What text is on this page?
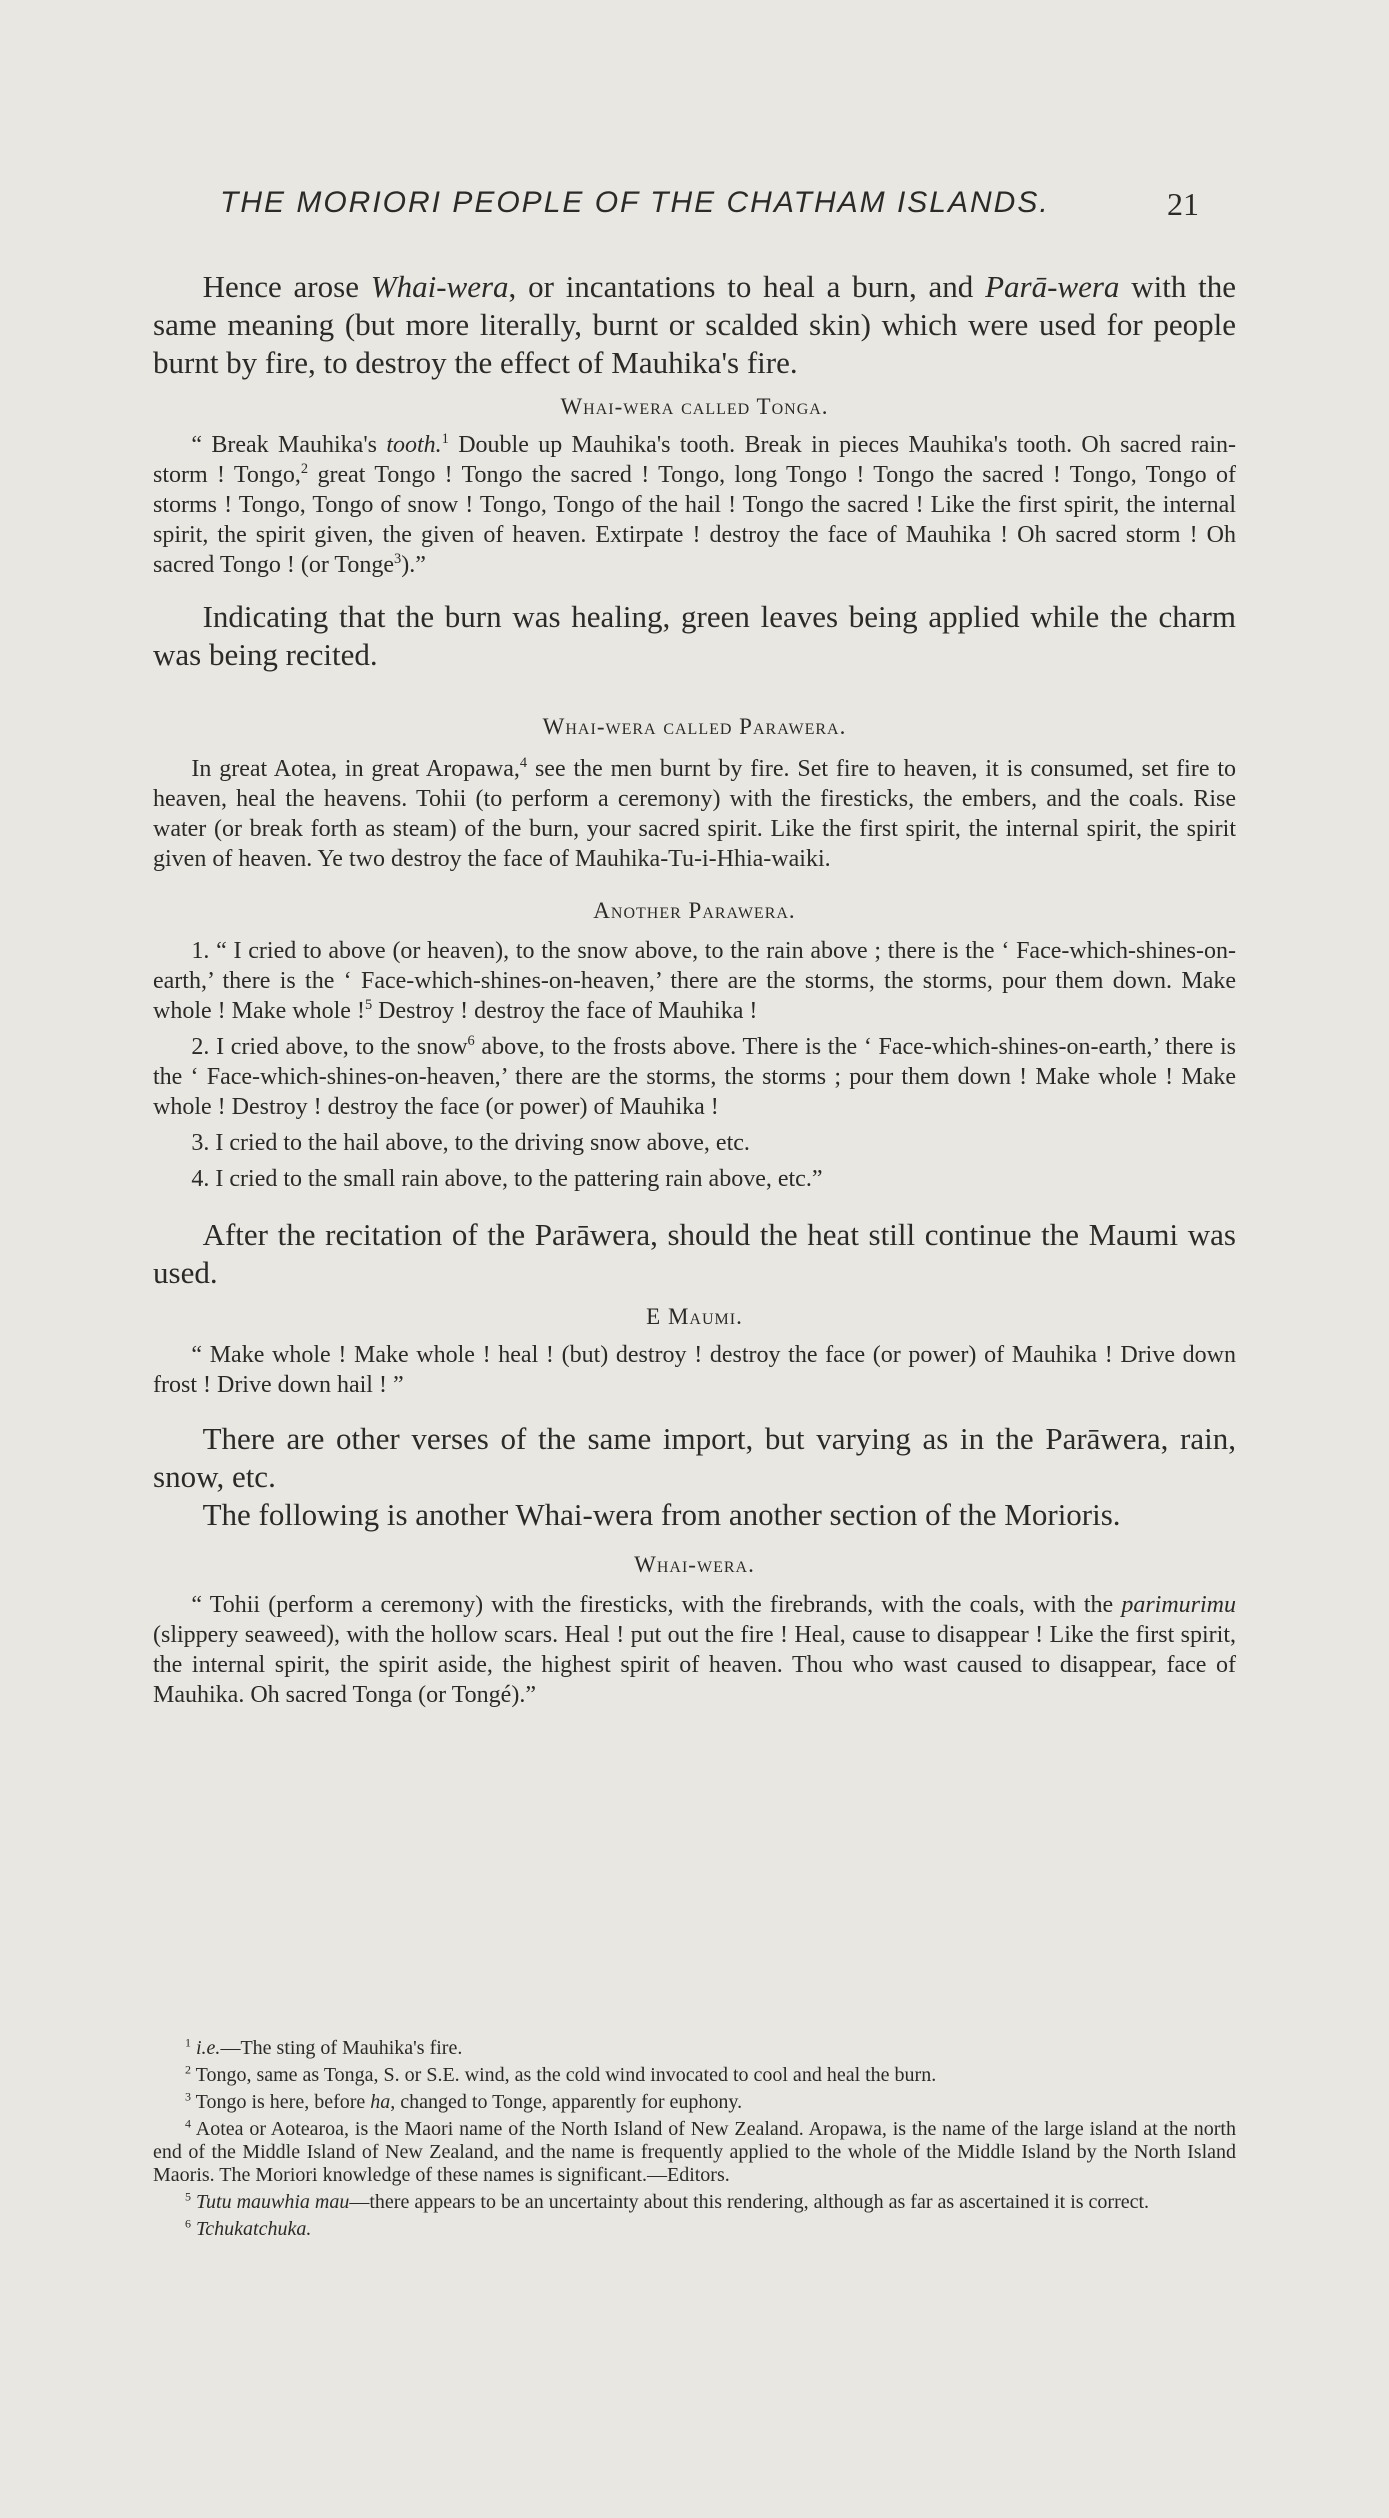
THE MORIORI PEOPLE OF THE CHATHAM ISLANDS.	21

Hence arose Whai-wera, or incantations to heal a burn, and Parā-wera with the same meaning (but more literally, burnt or scalded skin) which were used for people burnt by fire, to destroy the effect of Mauhika's fire.

Whai-wera called Tonga.

“ Break Mauhika's tooth.$^1$ Double up Mauhika's tooth. Break in pieces Mauhika's tooth. Oh sacred rain-storm ! Tongo,$^2$ great Tongo ! Tongo the sacred ! Tongo, long Tongo ! Tongo the sacred ! Tongo, Tongo of storms ! Tongo, Tongo of snow ! Tongo, Tongo of the hail ! Tongo the sacred ! Like the first spirit, the internal spirit, the spirit given, the given of heaven. Extirpate ! destroy the face of Mauhika ! Oh sacred storm ! Oh sacred Tongo ! (or Tonge$^3$).”

Indicating that the burn was healing, green leaves being applied while the charm was being recited.

Whai-wera called Parawera.

In great Aotea, in great Aropawa,$^4$ see the men burnt by fire. Set fire to heaven, it is consumed, set fire to heaven, heal the heavens. Tohii (to perform a ceremony) with the firesticks, the embers, and the coals. Rise water (or break forth as steam) of the burn, your sacred spirit. Like the first spirit, the internal spirit, the spirit given of heaven. Ye two destroy the face of Mauhika-Tu-i-Hhia-waiki.

Another Parawera.

1. “ I cried to above (or heaven), to the snow above, to the rain above ; there is the ‘ Face-which-shines-on-earth,’ there is the ‘ Face-which-shines-on-heaven,’ there are the storms, the storms, pour them down. Make whole ! Make whole !$^5$ Destroy ! destroy the face of Mauhika !

2. I cried above, to the snow$^6$ above, to the frosts above. There is the ‘ Face-which-shines-on-earth,’ there is the ‘ Face-which-shines-on-heaven,’ there are the storms, the storms ; pour them down ! Make whole ! Make whole ! Destroy ! destroy the face (or power) of Mauhika !

3. I cried to the hail above, to the driving snow above, etc.

4. I cried to the small rain above, to the pattering rain above, etc.”

After the recitation of the Parāwera, should the heat still continue the Maumi was used.

E Maumi.

“ Make whole ! Make whole ! heal ! (but) destroy ! destroy the face (or power) of Mauhika ! Drive down frost ! Drive down hail ! ”

There are other verses of the same import, but varying as in the Parāwera, rain, snow, etc.

The following is another Whai-wera from another section of the Morioris.

Whai-wera.

“ Tohii (perform a ceremony) with the firesticks, with the firebrands, with the coals, with the parimurimu (slippery seaweed), with the hollow scars. Heal ! put out the fire ! Heal, cause to disappear ! Like the first spirit, the internal spirit, the spirit aside, the highest spirit of heaven. Thou who wast caused to disappear, face of Mauhika. Oh sacred Tonga (or Tongé).”

$^1$ i.e.—The sting of Mauhika's fire.

$^2$ Tongo, same as Tonga, S. or S.E. wind, as the cold wind invocated to cool and heal the burn.

$^3$ Tongo is here, before ha, changed to Tonge, apparently for euphony.

$^4$ Aotea or Aotearoa, is the Maori name of the North Island of New Zealand. Aropawa, is the name of the large island at the north end of the Middle Island of New Zealand, and the name is frequently applied to the whole of the Middle Island by the North Island Maoris. The Moriori knowledge of these names is significant.—Editors.

$^5$ Tutu mauwhia mau—there appears to be an uncertainty about this rendering, although as far as ascertained it is correct.

$^6$ Tchukatchuka.
